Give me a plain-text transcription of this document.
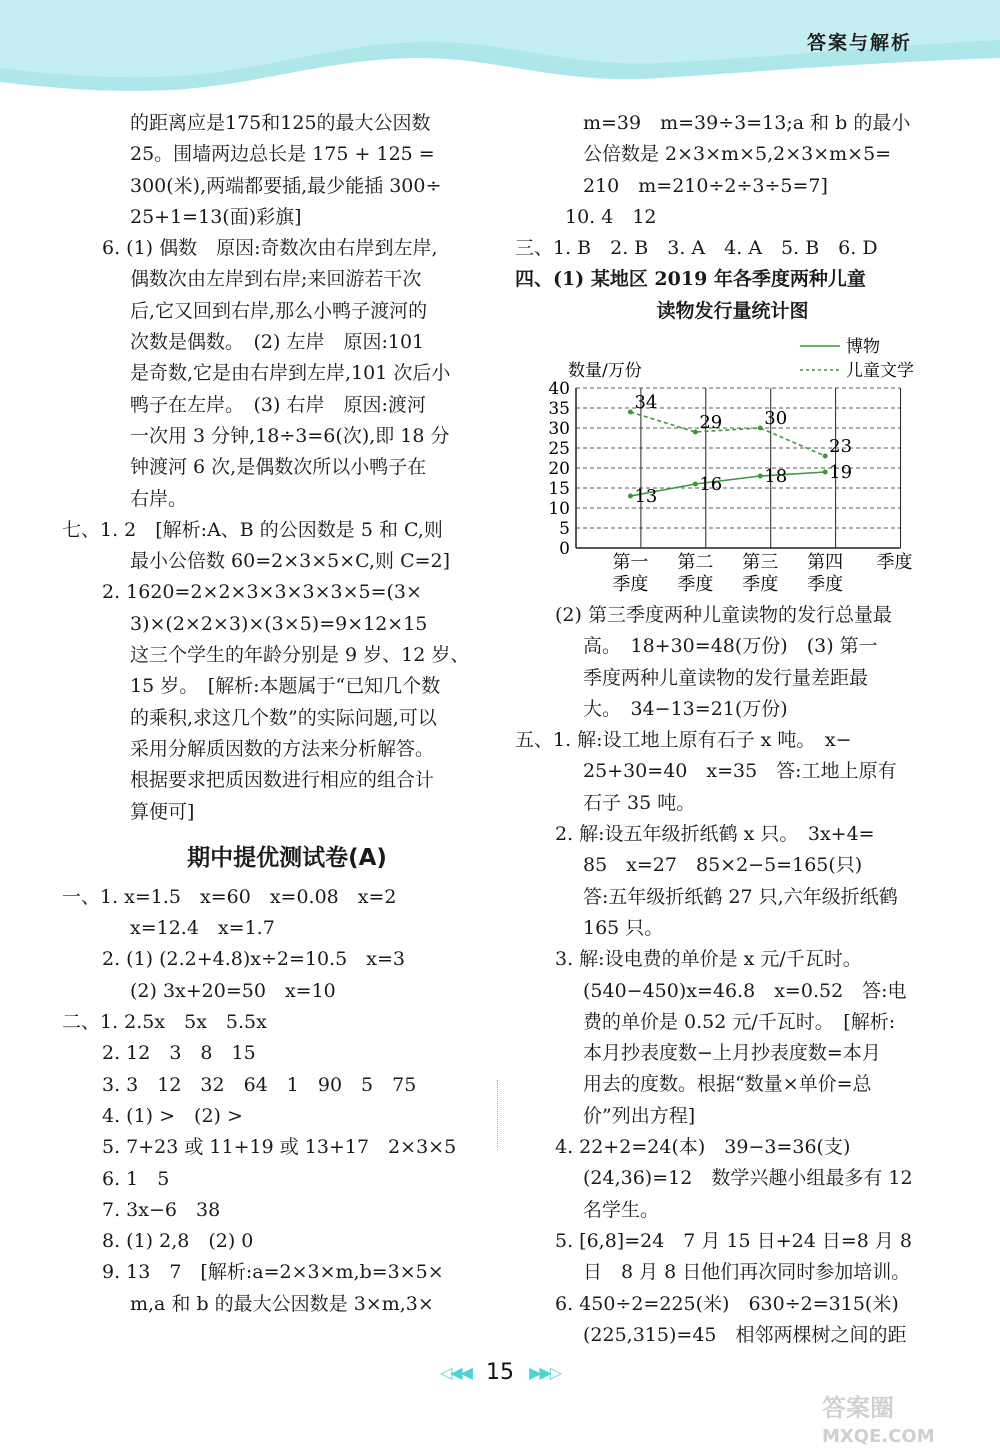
答案与解析
的距离应是175和125的最大公因数
25。围墙两边总长是 175 + 125 =
300(米),两端都要插,最少能插 300÷
25+1=13(面)彩旗]
6. (1) 偶数　原因:奇数次由右岸到左岸,
偶数次由左岸到右岸;来回游若干次
后,它又回到右岸,那么小鸭子渡河的
次数是偶数。　(2) 左岸　原因:101
是奇数,它是由右岸到左岸,101 次后小
鸭子在左岸。　(3) 右岸　原因:渡河
一次用 3 分钟,18÷3=6(次),即 18 分
钟渡河 6 次,是偶数次所以小鸭子在
右岸。
七、1. 2　[解析:A、B 的公因数是 5 和 C,则
最小公倍数 60=2×3×5×C,则 C=2]
2. 1620=2×2×3×3×3×3×5=(3×
3)×(2×2×3)×(3×5)=9×12×15
这三个学生的年龄分别是 9 岁、12 岁、
15 岁。　[解析:本题属于“已知几个数
的乘积,求这几个数”的实际问题,可以
采用分解质因数的方法来分析解答。
根据要求把质因数进行相应的组合计
算便可]
期中提优测试卷(A)
一、1. x=1.5　x=60　x=0.08　x=2
x=12.4　x=1.7
2. (1) (2.2+4.8)x÷2=10.5　x=3
(2) 3x+20=50　x=10
二、1. 2.5x　5x　5.5x
2. 12　3　8　15
3. 3　12　32　64　1　90　5　75
4. (1) >　(2) >
5. 7+23 或 11+19 或 13+17　2×3×5
6. 1　5
7. 3x−6　38
8. (1) 2,8　(2) 0
9. 13　7　[解析:a=2×3×m,b=3×5×
m,a 和 b 的最大公因数是 3×m,3×
m=39　m=39÷3=13;a 和 b 的最小
公倍数是 2×3×m×5,2×3×m×5=
210　m=210÷2÷3÷5=7]
10. 4　12
三、1. B　2. B　3. A　4. A　5. B　6. D
四、(1) 某地区 2019 年各季度两种儿童
读物发行量统计图
0
5
10
15
20
25
30
35
40
数量/万份
第一
季度
第二
季度
第三
季度
第四
季度
季度
博物
儿童文学
13
16 18 19
34
29 30
23
(2) 第三季度两种儿童读物的发行总量最
高。　18+30=48(万份)　(3) 第一
季度两种儿童读物的发行量差距最
大。　34−13=21(万份)
五、1. 解:设工地上原有石子 x 吨。　x−
25+30=40　x=35　答:工地上原有
石子 35 吨。
2. 解:设五年级折纸鹤 x 只。　3x+4=
85　x=27　85×2−5=165(只)
答:五年级折纸鹤 27 只,六年级折纸鹤
165 只。
3. 解:设电费的单价是 x 元/千瓦时。
(540−450)x=46.8　x=0.52　答:电
费的单价是 0.52 元/千瓦时。　[解析:
本月抄表度数−上月抄表度数=本月
用去的度数。根据“数量×单价=总
价”列出方程]
4. 22+2=24(本)　39−3=36(支)
(24,36)=12　数学兴趣小组最多有 12
名学生。
5. [6,8]=24　7 月 15 日+24 日=8 月 8
日　8 月 8 日他们再次同时参加培训。
6. 450÷2=225(米)　630÷2=315(米)
(225,315)=45　相邻两棵树之间的距
◁◀◀ 15 ▶▶▷
答案圈
MXQE.COM
